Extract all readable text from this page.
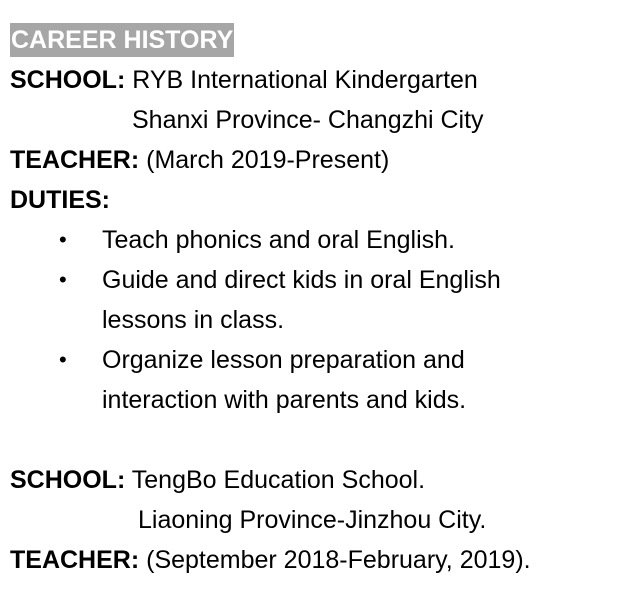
CAREER HISTORY
SCHOOL: RYB International Kindergarten
Shanxi Province- Changzhi City
TEACHER: (March 2019-Present)
DUTIES:
• Teach phonics and oral English.
• Guide and direct kids in oral English lessons in class.
• Organize lesson preparation and interaction with parents and kids.
SCHOOL: TengBo Education School.
Liaoning Province-Jinzhou City.
TEACHER: (September 2018-February, 2019).
